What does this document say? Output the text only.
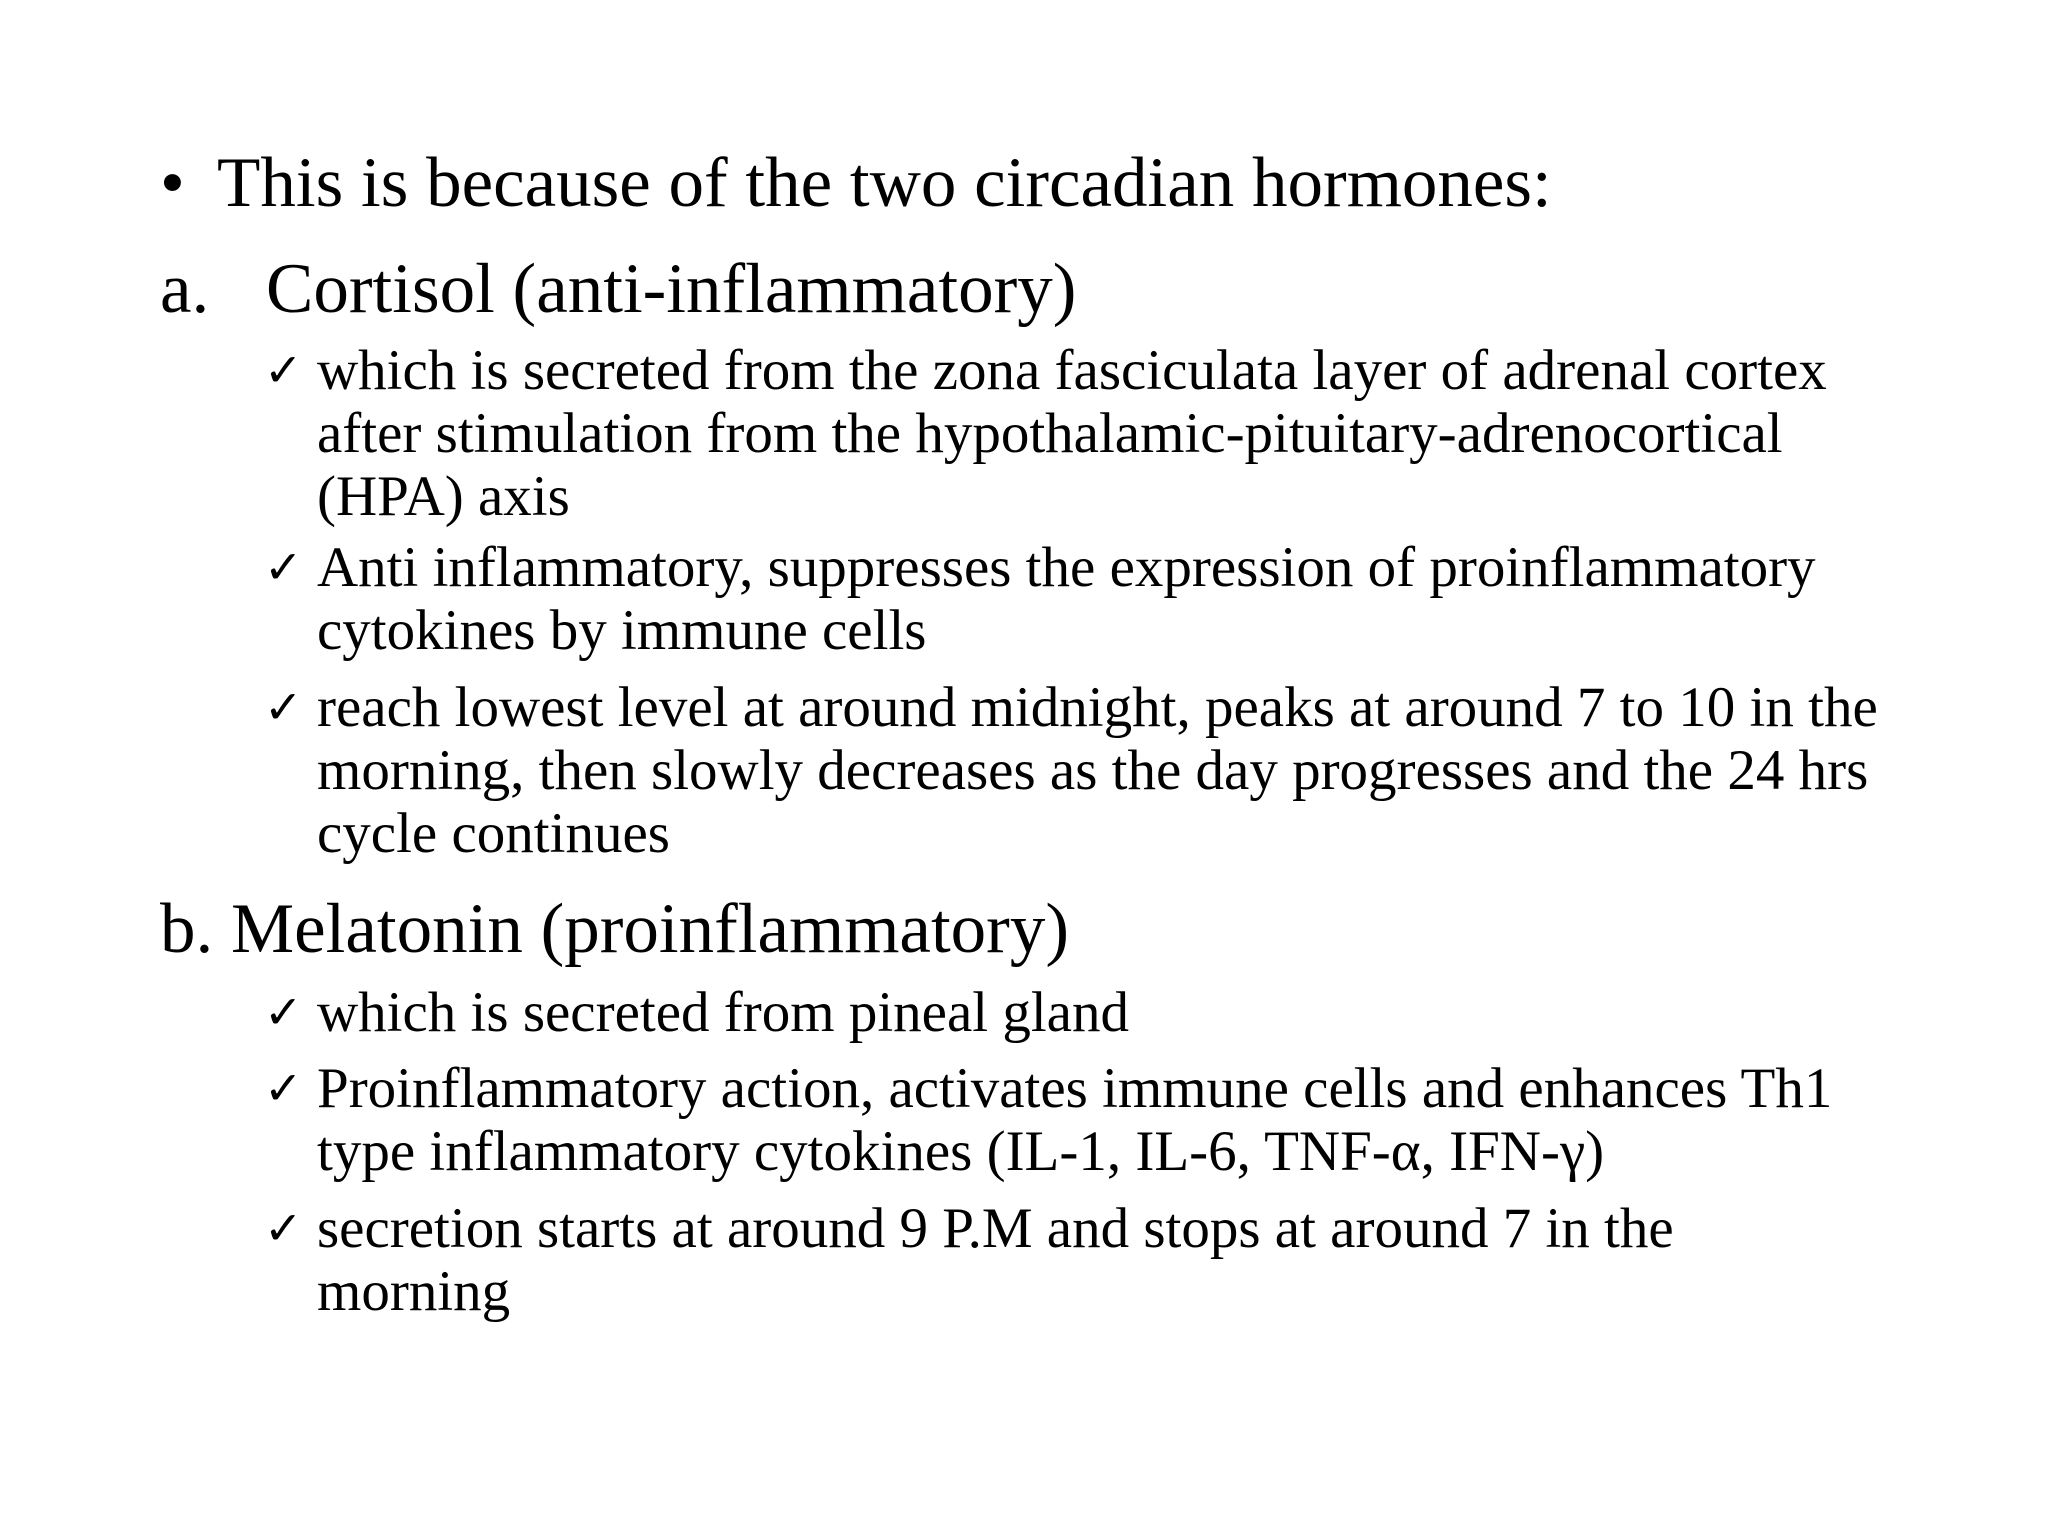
• This is because of the two circadian hormones:
a. Cortisol (anti-inflammatory)
✓ which is secreted from the zona fasciculata layer of adrenal cortex
after stimulation from the hypothalamic-pituitary-adrenocortical
(HPA) axis
✓ Anti inflammatory, suppresses the expression of proinflammatory
cytokines by immune cells
✓ reach lowest level at around midnight, peaks at around 7 to 10 in the
morning, then slowly decreases as the day progresses and the 24 hrs
cycle continues
b. Melatonin (proinflammatory)
✓ which is secreted from pineal gland
✓ Proinflammatory action, activates immune cells and enhances Th1
type inflammatory cytokines (IL-1, IL-6, TNF-α, IFN-γ)
✓ secretion starts at around 9 P.M and stops at around 7 in the
morning
